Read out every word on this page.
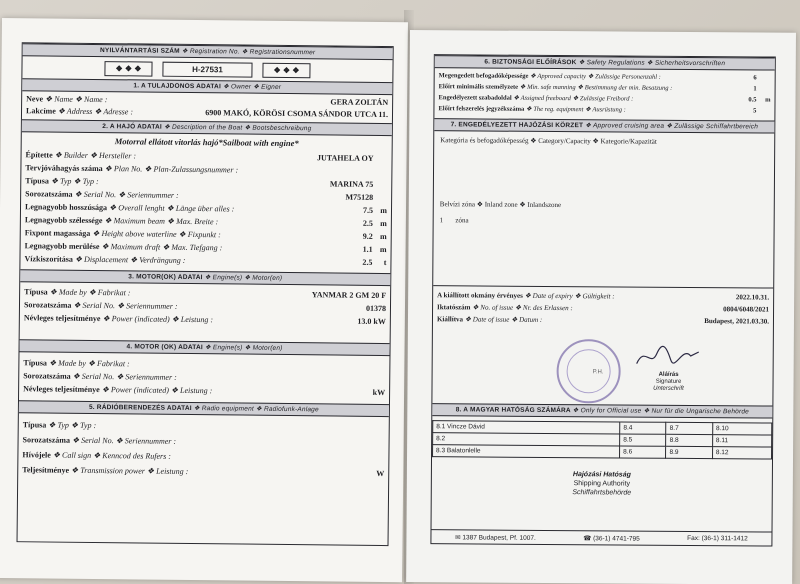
NYILVÁNTARTÁSI SZÁM ❖ Registration No. ❖ Registrationsnummer
❖ ❖ ❖	H-27531	❖ ❖ ❖
1. A TULAJDONOS ADATAI ❖ Owner ❖ Eigner
Neve ❖ Name ❖ Name :	GERA ZOLTÁN
Lakcíme ❖ Address ❖ Adresse :	6900 MAKÓ, KÖRÖSI CSOMA SÁNDOR UTCA 11.
2. A HAJÓ ADATAI ❖ Description of the Boat ❖ Bootsbeschreibung
Motorral ellátott vitorlás hajó*Sailboat with engine*
Építette ❖ Builder ❖ Hersteller :	JUTAHELA OY
Tervjóváhagyás száma ❖ Plan No. ❖ Plan-Zulassungsnummer :
Típusa ❖ Typ ❖ Typ :	MARINA 75
Sorozatszáma ❖ Serial No. ❖ Seriennummer :	M75128
Legnagyobb hosszúsága ❖ Overall lenght ❖ Länge über alles :	7.5 m
Legnagyobb szélessége ❖ Maximum beam ❖ Max. Breite :	2.5 m
Fixpont magassága ❖ Height above waterline ❖ Fixpunkt :	9.2 m
Legnagyobb merülése ❖ Maximum draft ❖ Max. Tiefgang :	1.1 m
Vízkiszorítása ❖ Displacement ❖ Verdrängung :	2.5	t
3. MOTOR(OK) ADATAI ❖ Engine(s) ❖ Motor(en)
Típusa ❖ Made by ❖ Fabrikat :	YANMAR 2 GM 20 F
Sorozatszáma ❖ Serial No. ❖ Seriennummer :	01378
Névleges teljesítménye ❖ Power (indicated) ❖ Leistung :	13.0 kW
4. MOTOR (OK) ADATAI ❖ Engine(s) ❖ Motor(en)
Típusa ❖ Made by ❖ Fabrikat :
Sorozatszáma ❖ Serial No. ❖ Seriennummer :
Névleges teljesítménye ❖ Power (indicated) ❖ Leistung :	kW
5. RÁDIÓBERENDEZÉS ADATAI ❖ Radio equipment ❖ Radiofunk-Anlage
Típusa ❖ Typ ❖ Typ :
Sorozatszáma ❖ Serial No. ❖ Seriennummer :
Hívójele ❖ Call sign ❖ Kenncod des Rufers :
Teljesítménye ❖ Transmission power ❖ Leistung :	W
6. BIZTONSÁGI ELŐÍRÁSOK ❖ Safety Regulations ❖ Sicherheitsvorschriften
Megengedett befogadóképessége ❖ Approved capacity ❖ Zulässige Personenzahl :	6
Előírt minimális személyzete ❖ Min. safe manning ❖ Bestimmung der min. Besatzung :	1
Engedélyezett szabadoldal ❖ Assigned freeboard ❖ Zulässige Freibord :	0.5	m
Előírt felszerelés jegyzékszáma ❖ The reg. equipment ❖ Ausrüstung :	5
7. ENGEDÉLYEZETT HAJÓZÁSI KÖRZET ❖ Approved cruising area ❖ Zulässige Schiffahrtbereich
Kategória és befogadóképesség ❖ Category/Capacity ❖ Kategorie/Kapazität
Belvízi zóna ❖ Inland zone ❖ Inlandszone
1 zóna
A kiállított okmány érvényes ❖ Date of expiry ❖ Gültigkeit :	2022.10.31.
Iktatószám ❖ No. of issue ❖ Nr. des Erlassen :	0804/6048/2021
Kiállítva ❖ Date of issue ❖ Datum :	Budapest, 2021.03.30.
P.H.	Aláírás
Signature
Unterschrift
8. A MAGYAR HATÓSÁG SZÁMÁRA ❖ Only for Official use ❖ Nur für die Ungarische Behörde
8.1 Vincze Dávid	8.4	8.7	8.10
8.2	8.5	8.8	8.11
8.3 Balatonlelle	8.6	8.9	8.12
Hajózási Hatóság
Shipping Authority
Schiffahrtsbehörde
✉ 1387 Budapest, Pf. 1007.	☎ (36-1) 4741-795	Fax: (36-1) 311-1412
